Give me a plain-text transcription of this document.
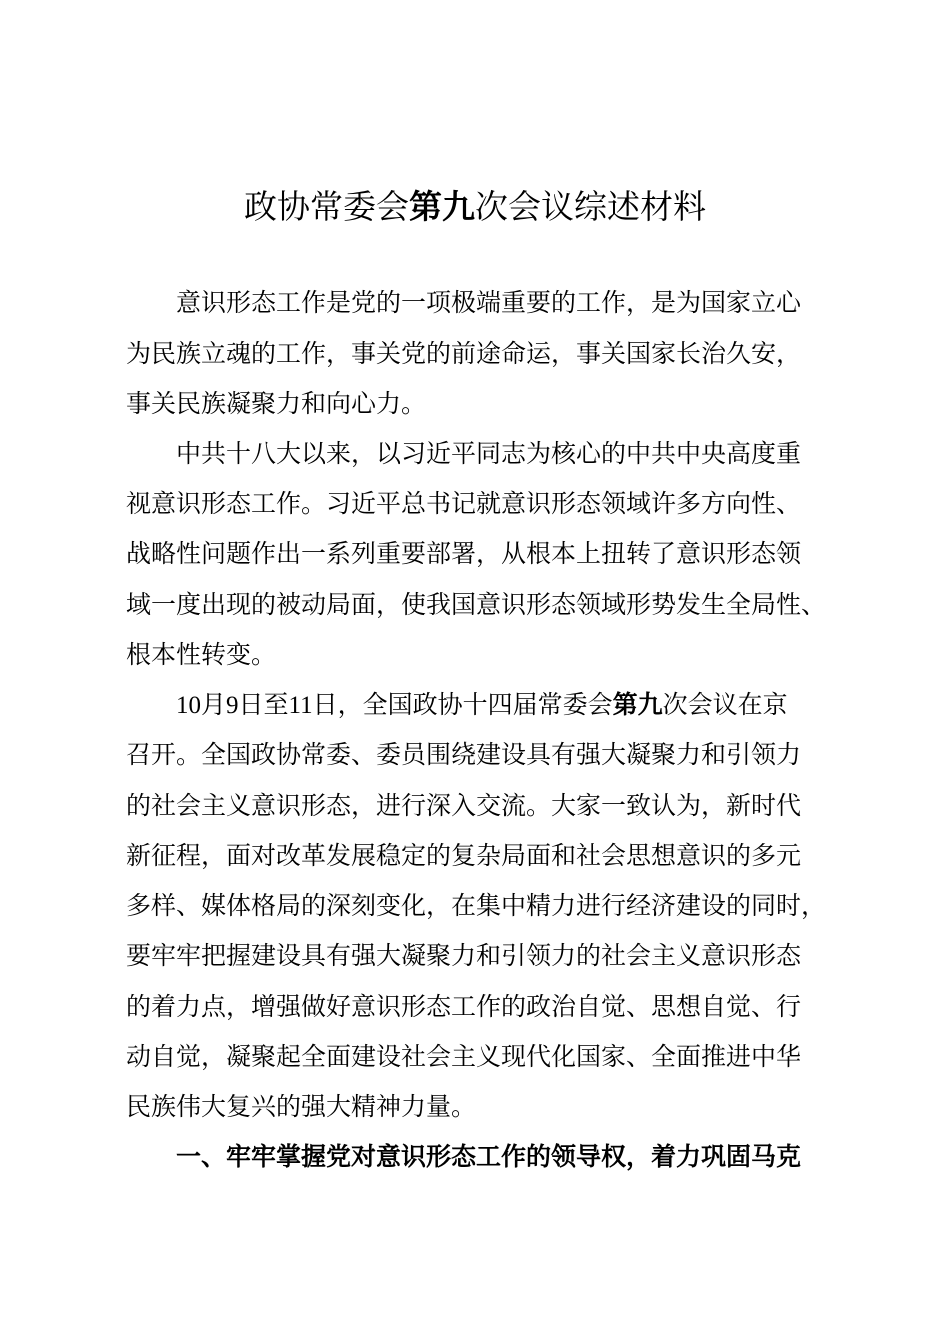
政协常委会第九次会议综述材料
意识形态工作是党的一项极端重要的工作，是为国家立心
为民族立魂的工作，事关党的前途命运，事关国家长治久安，
事关民族凝聚力和向心力。
中共十八大以来，以习近平同志为核心的中共中央高度重
视意识形态工作。习近平总书记就意识形态领域许多方向性、
战略性问题作出一系列重要部署，从根本上扭转了意识形态领
域一度出现的被动局面，使我国意识形态领域形势发生全局性、
根本性转变。
10月9日至11日，全国政协十四届常委会第九次会议在京
召开。全国政协常委、委员围绕建设具有强大凝聚力和引领力
的社会主义意识形态，进行深入交流。大家一致认为，新时代
新征程，面对改革发展稳定的复杂局面和社会思想意识的多元
多样、媒体格局的深刻变化，在集中精力进行经济建设的同时，
要牢牢把握建设具有强大凝聚力和引领力的社会主义意识形态
的着力点，增强做好意识形态工作的政治自觉、思想自觉、行
动自觉，凝聚起全面建设社会主义现代化国家、全面推进中华
民族伟大复兴的强大精神力量。
一、牢牢掌握党对意识形态工作的领导权，着力巩固马克
